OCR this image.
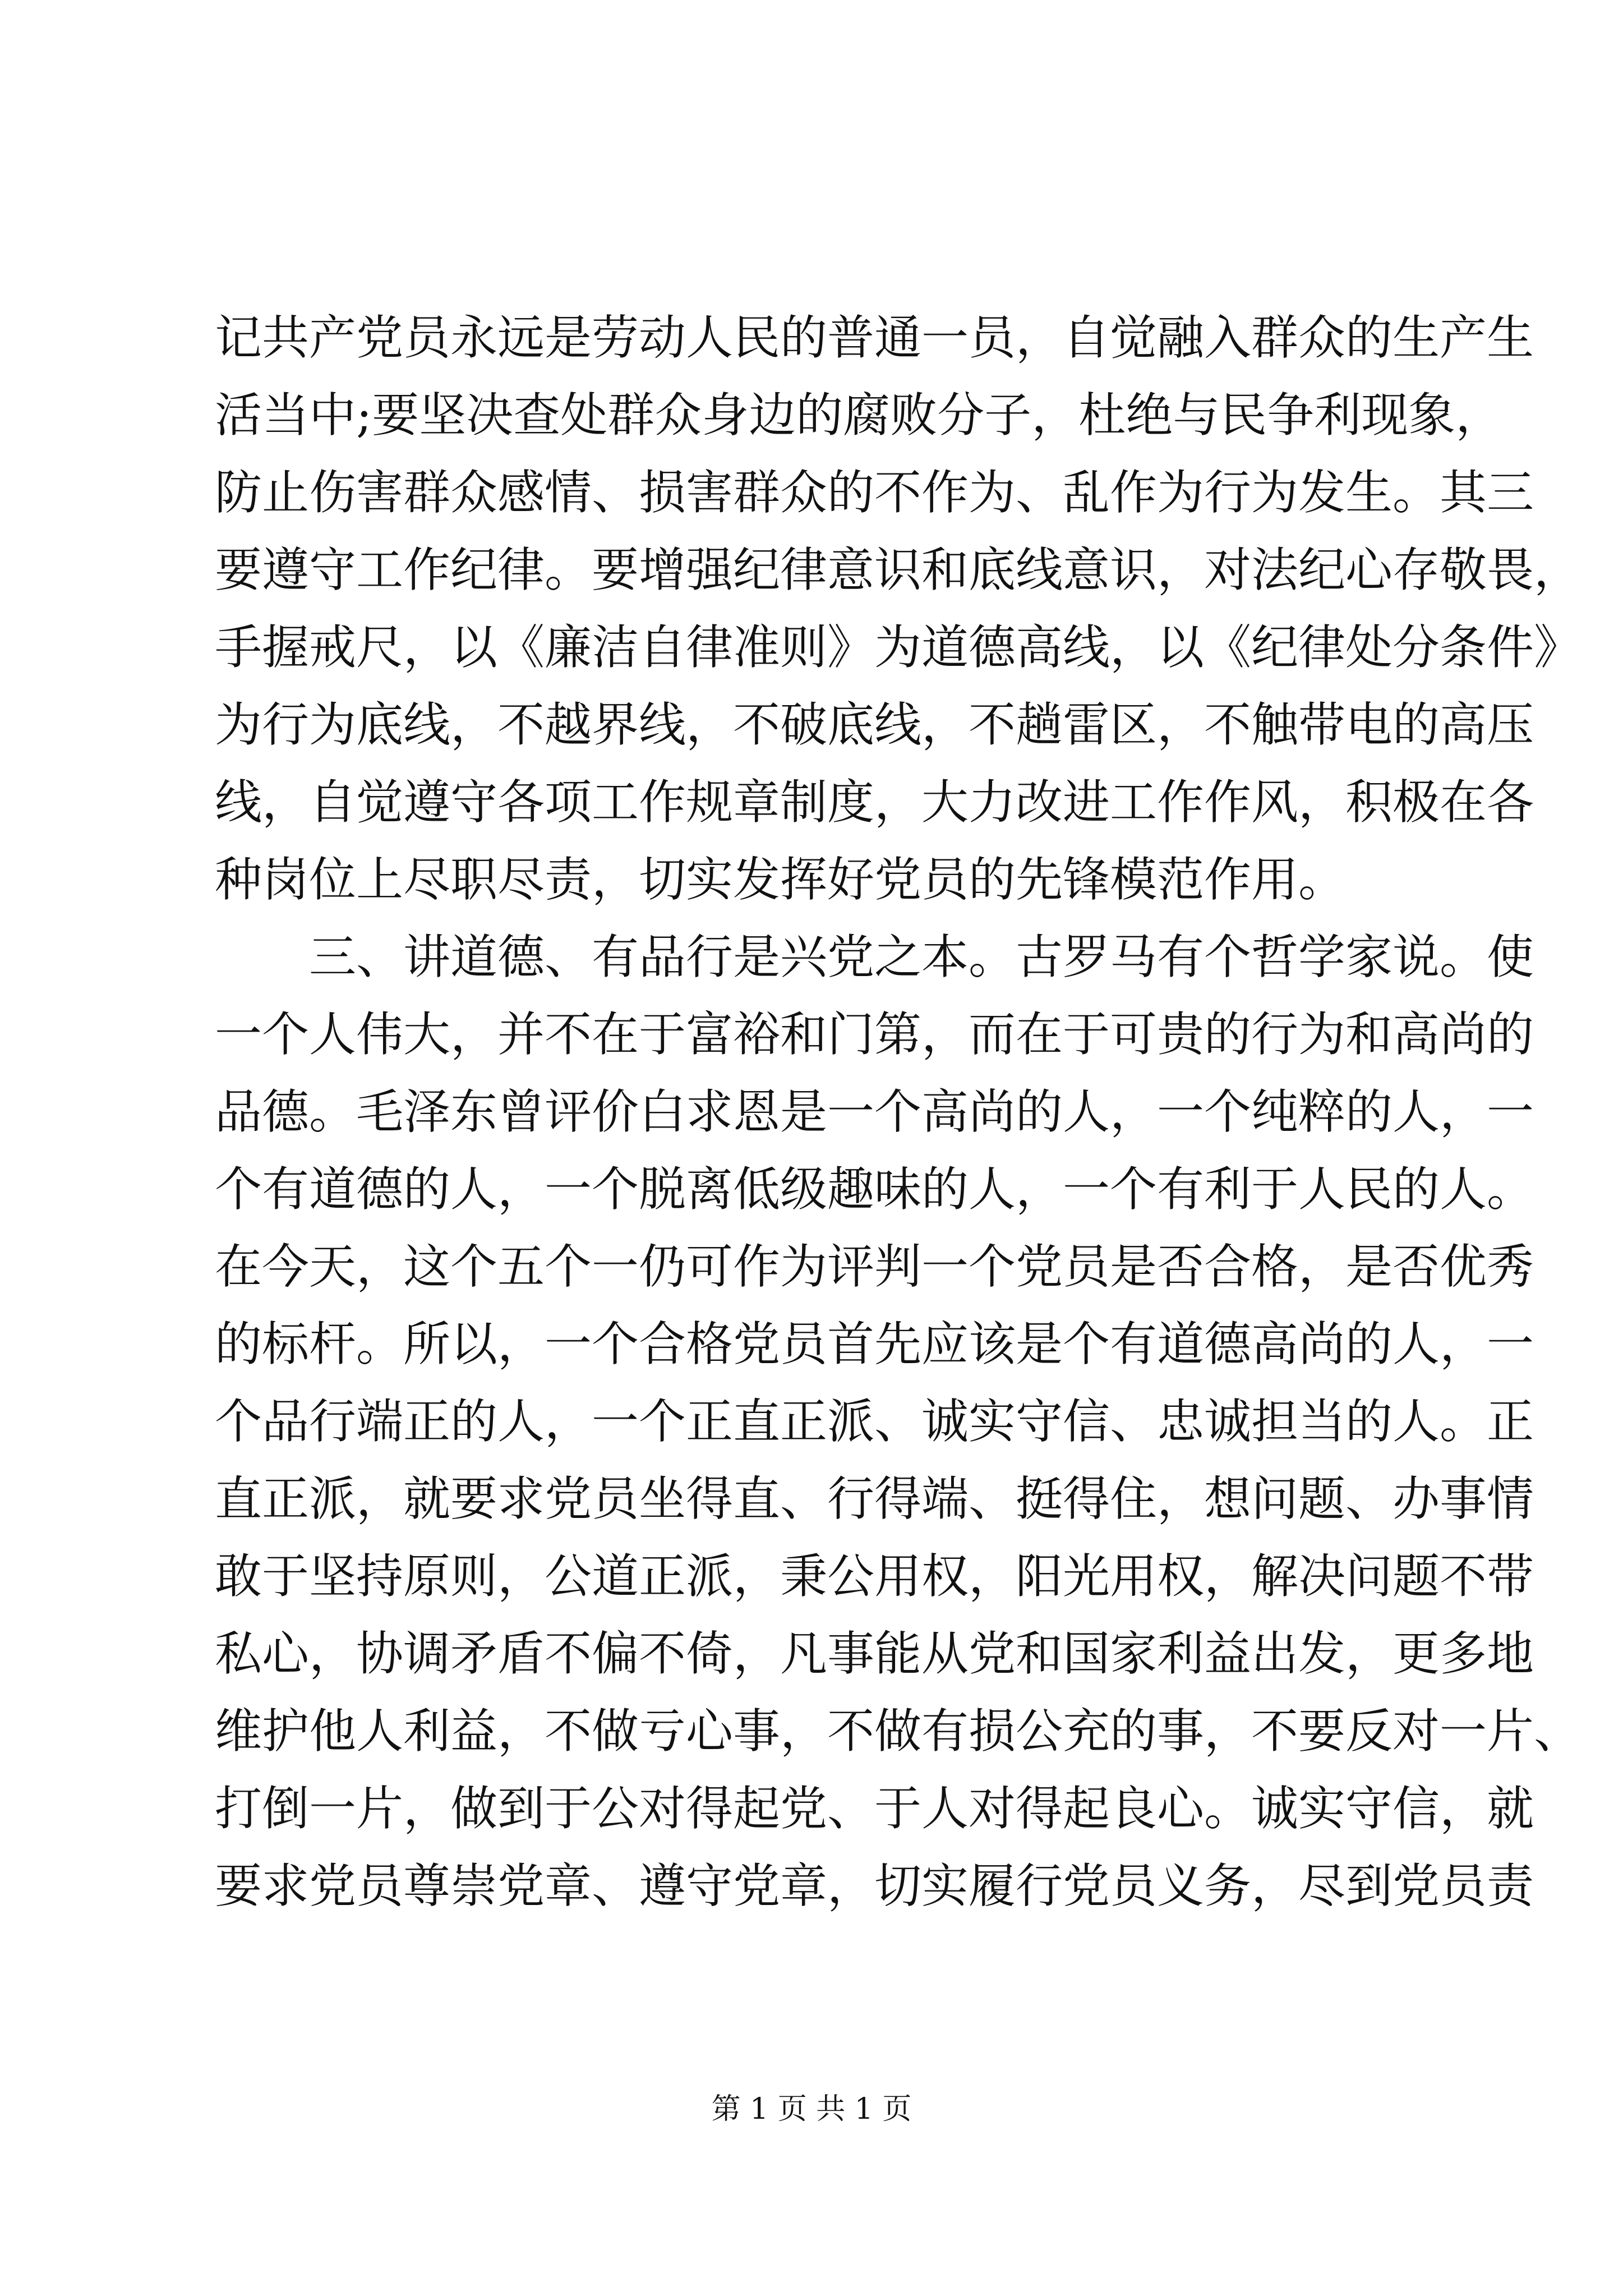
记共产党员永远是劳动人民的普通一员，自觉融入群众的生产生
活当中;要坚决查处群众身边的腐败分子，杜绝与民争利现象，
防止伤害群众感情、损害群众的不作为、乱作为行为发生。其三
要遵守工作纪律。要增强纪律意识和底线意识，对法纪心存敬畏，
手握戒尺，以《廉洁自律准则》为道德高线，以《纪律处分条件》
为行为底线，不越界线，不破底线，不趟雷区，不触带电的高压
线，自觉遵守各项工作规章制度，大力改进工作作风，积极在各
种岗位上尽职尽责，切实发挥好党员的先锋模范作用。
　　三、讲道德、有品行是兴党之本。古罗马有个哲学家说。使
一个人伟大，并不在于富裕和门第，而在于可贵的行为和高尚的
品德。毛泽东曾评价白求恩是一个高尚的人，一个纯粹的人，一
个有道德的人，一个脱离低级趣味的人，一个有利于人民的人。
在今天，这个五个一仍可作为评判一个党员是否合格，是否优秀
的标杆。所以，一个合格党员首先应该是个有道德高尚的人，一
个品行端正的人，一个正直正派、诚实守信、忠诚担当的人。正
直正派，就要求党员坐得直、行得端、挺得住，想问题、办事情
敢于坚持原则，公道正派，秉公用权，阳光用权，解决问题不带
私心，协调矛盾不偏不倚，凡事能从党和国家利益出发，更多地
维护他人利益，不做亏心事，不做有损公充的事，不要反对一片、
打倒一片，做到于公对得起党、于人对得起良心。诚实守信，就
要求党员尊崇党章、遵守党章，切实履行党员义务，尽到党员责
第 1 页 共 1 页
